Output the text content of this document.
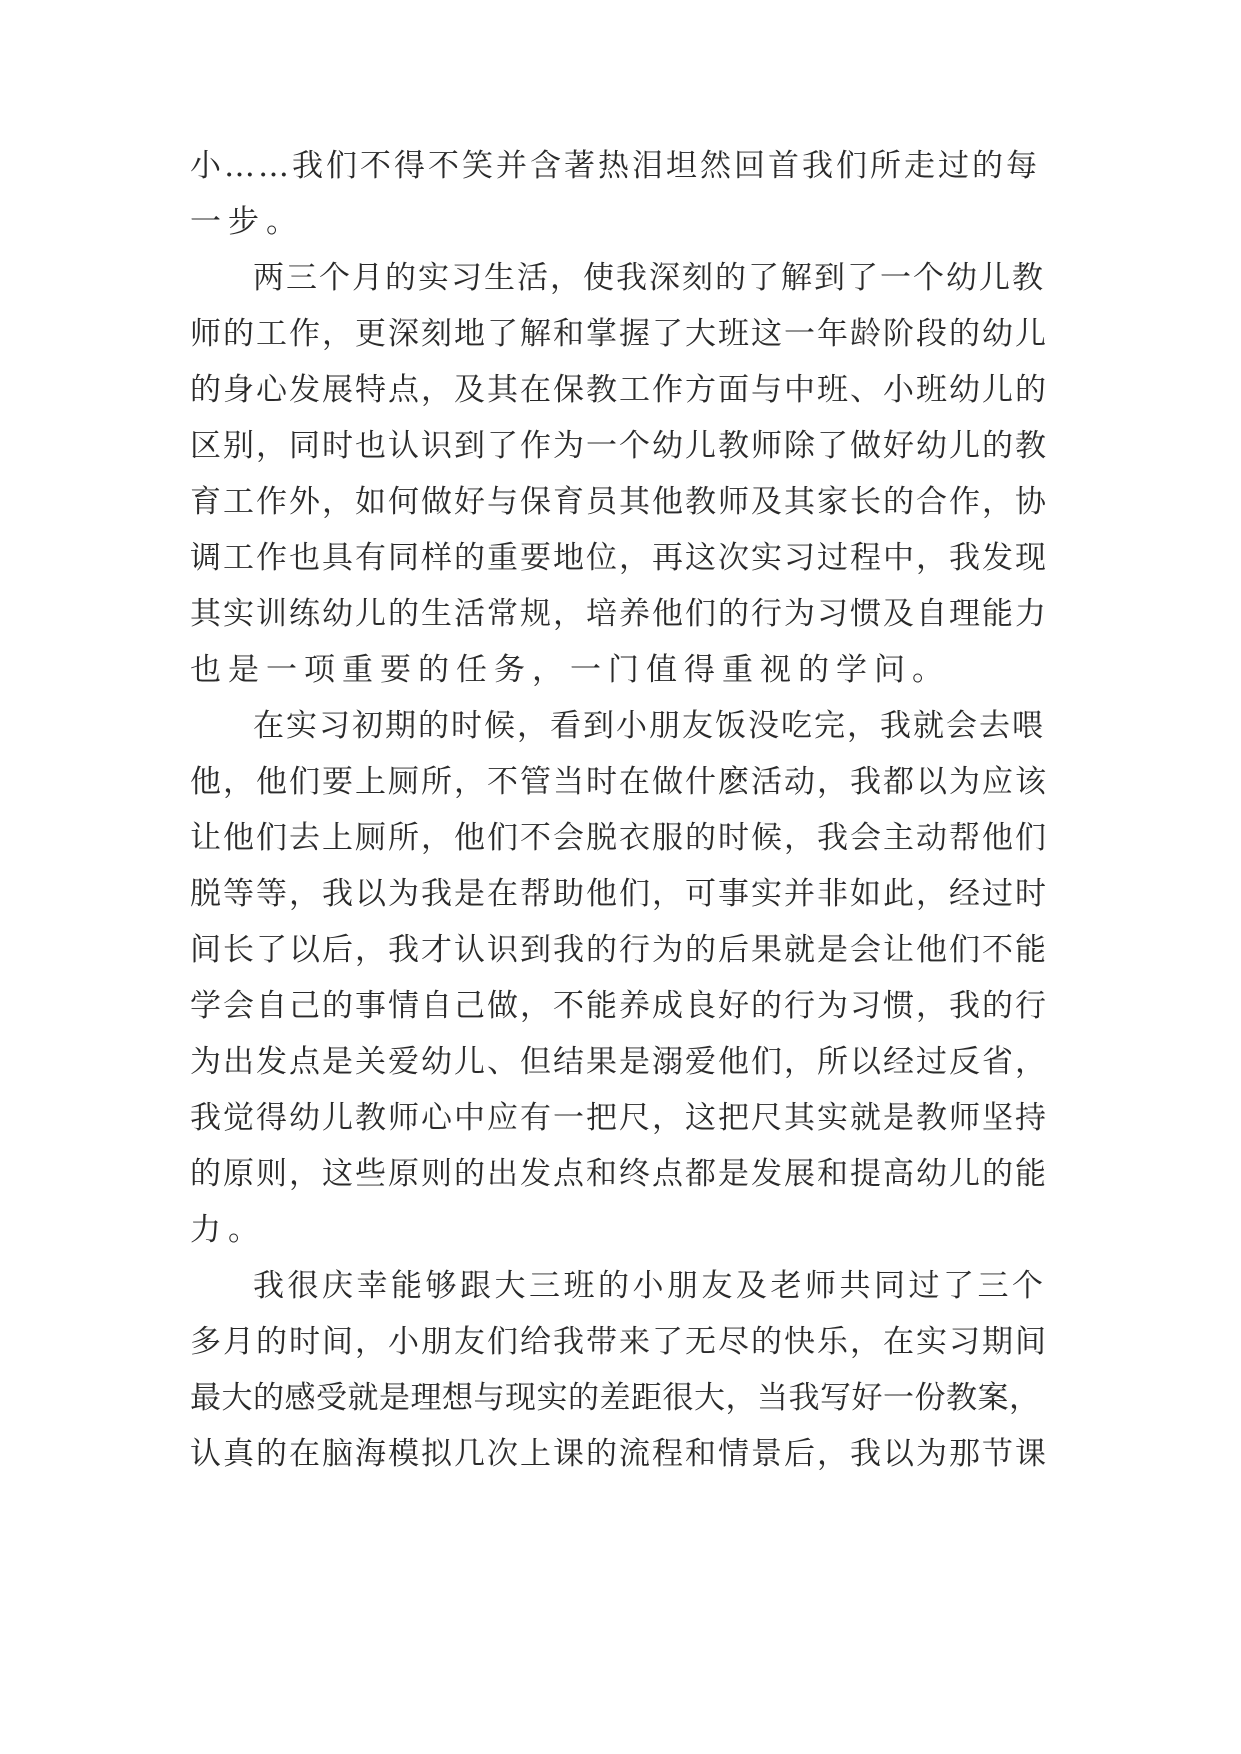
小……我们不得不笑并含著热泪坦然回首我们所走过的每
一步。
两三个月的实习生活，使我深刻的了解到了一个幼儿教
师的工作，更深刻地了解和掌握了大班这一年龄阶段的幼儿
的身心发展特点，及其在保教工作方面与中班、小班幼儿的
区别，同时也认识到了作为一个幼儿教师除了做好幼儿的教
育工作外，如何做好与保育员其他教师及其家长的合作，协
调工作也具有同样的重要地位，再这次实习过程中，我发现
其实训练幼儿的生活常规，培养他们的行为习惯及自理能力
也是一项重要的任务，一门值得重视的学问。
在实习初期的时候，看到小朋友饭没吃完，我就会去喂
他，他们要上厕所，不管当时在做什麽活动，我都以为应该
让他们去上厕所，他们不会脱衣服的时候，我会主动帮他们
脱等等，我以为我是在帮助他们，可事实并非如此，经过时
间长了以后，我才认识到我的行为的后果就是会让他们不能
学会自己的事情自己做，不能养成良好的行为习惯，我的行
为出发点是关爱幼儿、但结果是溺爱他们，所以经过反省，
我觉得幼儿教师心中应有一把尺，这把尺其实就是教师坚持
的原则，这些原则的出发点和终点都是发展和提高幼儿的能
力。
我很庆幸能够跟大三班的小朋友及老师共同过了三个
多月的时间，小朋友们给我带来了无尽的快乐，在实习期间
最大的感受就是理想与现实的差距很大，当我写好一份教案，
认真的在脑海模拟几次上课的流程和情景后，我以为那节课
